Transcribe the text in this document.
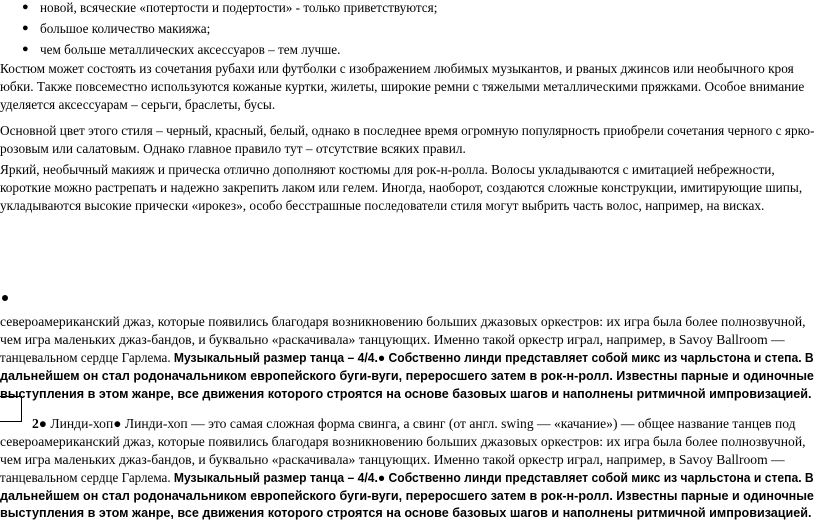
● новой, всяческие «потертости и подертости» - только приветствуются;
● большое количество макияжа;
● чем больше металлических аксессуаров – тем лучше.
Костюм может состоять из сочетания рубахи или футболки с изображением любимых музыкантов, и рваных джинсов или необычного кроя
юбки. Также повсеместно используются кожаные куртки, жилеты, широкие ремни с тяжелыми металлическими пряжками. Особое внимание
уделяется аксессуарам – серьги, браслеты, бусы.
Основной цвет этого стиля – черный, красный, белый, однако в последнее время огромную популярность приобрели сочетания черного с ярко-
розовым или салатовым. Однако главное правило тут – отсутствие всяких правил.
Яркий, необычный макияж и прическа отлично дополняют костюмы для рок-н-ролла. Волосы укладываются с имитацией небрежности,
короткие можно растрепать и надежно закрепить лаком или гелем. Иногда, наоборот, создаются сложные конструкции, имитирующие шипы,
укладываются высокие прически «ирокез», особо бесстрашные последователи стиля могут выбрить часть волос, например, на висках.
североамериканский джаз, которые появились благодаря возникновению больших джазовых оркестров: их игра была более полнозвучной,
чем игра маленьких джаз-бандов, и буквально «раскачивала» танцующих. Именно такой оркестр играл, например, в Savoy Ballroom —
танцевальном сердце Гарлема. Музыкальный размер танца – 4/4.● Собственно линди представляет собой микс из чарльстона и степа. В
дальнейшем он стал родоначальником европейского буги-вуги, переросшего затем в рок-н-ролл. Известны парные и одиночные
выступления в этом жанре, все движения которого строятся на основе базовых шагов и наполнены ритмичной импровизацией.
2● Линди-хоп● Линди-хоп — это самая сложная форма свинга, а свинг (от англ. swing — «качание») — общее название танцев под
североамериканский джаз, которые появились благодаря возникновению больших джазовых оркестров: их игра была более полнозвучной,
чем игра маленьких джаз-бандов, и буквально «раскачивала» танцующих. Именно такой оркестр играл, например, в Savoy Ballroom —
танцевальном сердце Гарлема. Музыкальный размер танца – 4/4.● Собственно линди представляет собой микс из чарльстона и степа. В
дальнейшем он стал родоначальником европейского буги-вуги, переросшего затем в рок-н-ролл. Известны парные и одиночные
выступления в этом жанре, все движения которого строятся на основе базовых шагов и наполнены ритмичной импровизацией.
